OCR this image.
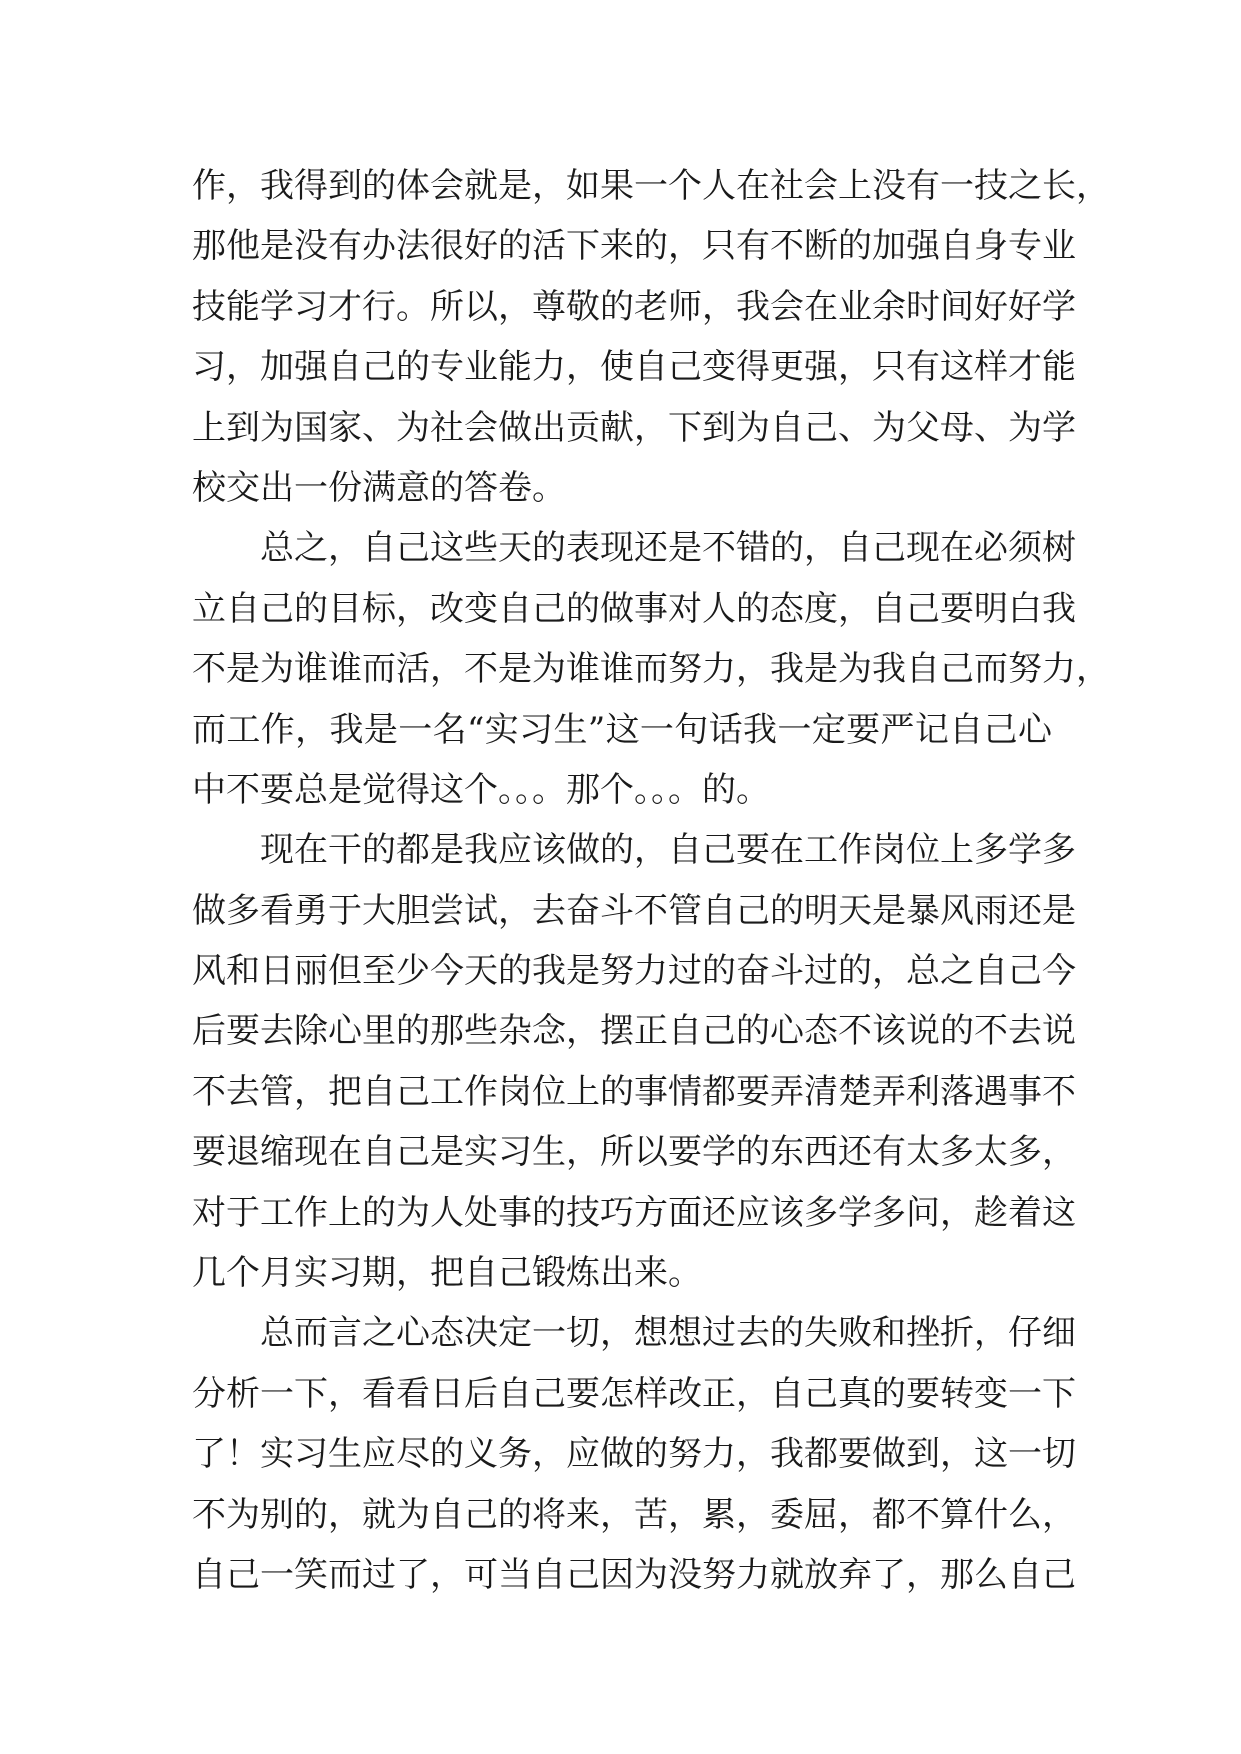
作，我得到的体会就是，如果一个人在社会上没有一技之长，
那他是没有办法很好的活下来的，只有不断的加强自身专业
技能学习才行。所以，尊敬的老师，我会在业余时间好好学
习，加强自己的专业能力，使自己变得更强，只有这样才能
上到为国家、为社会做出贡献，下到为自己、为父母、为学
校交出一份满意的答卷。
总之，自己这些天的表现还是不错的，自己现在必须树
立自己的目标，改变自己的做事对人的态度，自己要明白我
不是为谁谁而活，不是为谁谁而努力，我是为我自己而努力，
而工作，我是一名“实习生”这一句话我一定要严记自己心
中不要总是觉得这个。。。那个。。。的。
现在干的都是我应该做的，自己要在工作岗位上多学多
做多看勇于大胆尝试，去奋斗不管自己的明天是暴风雨还是
风和日丽但至少今天的我是努力过的奋斗过的，总之自己今
后要去除心里的那些杂念，摆正自己的心态不该说的不去说
不去管，把自己工作岗位上的事情都要弄清楚弄利落遇事不
要退缩现在自己是实习生，所以要学的东西还有太多太多，
对于工作上的为人处事的技巧方面还应该多学多问，趁着这
几个月实习期，把自己锻炼出来。
总而言之心态决定一切，想想过去的失败和挫折，仔细
分析一下，看看日后自己要怎样改正，自己真的要转变一下
了！实习生应尽的义务，应做的努力，我都要做到，这一切
不为别的，就为自己的将来，苦，累，委屈，都不算什么，
自己一笑而过了，可当自己因为没努力就放弃了，那么自己
